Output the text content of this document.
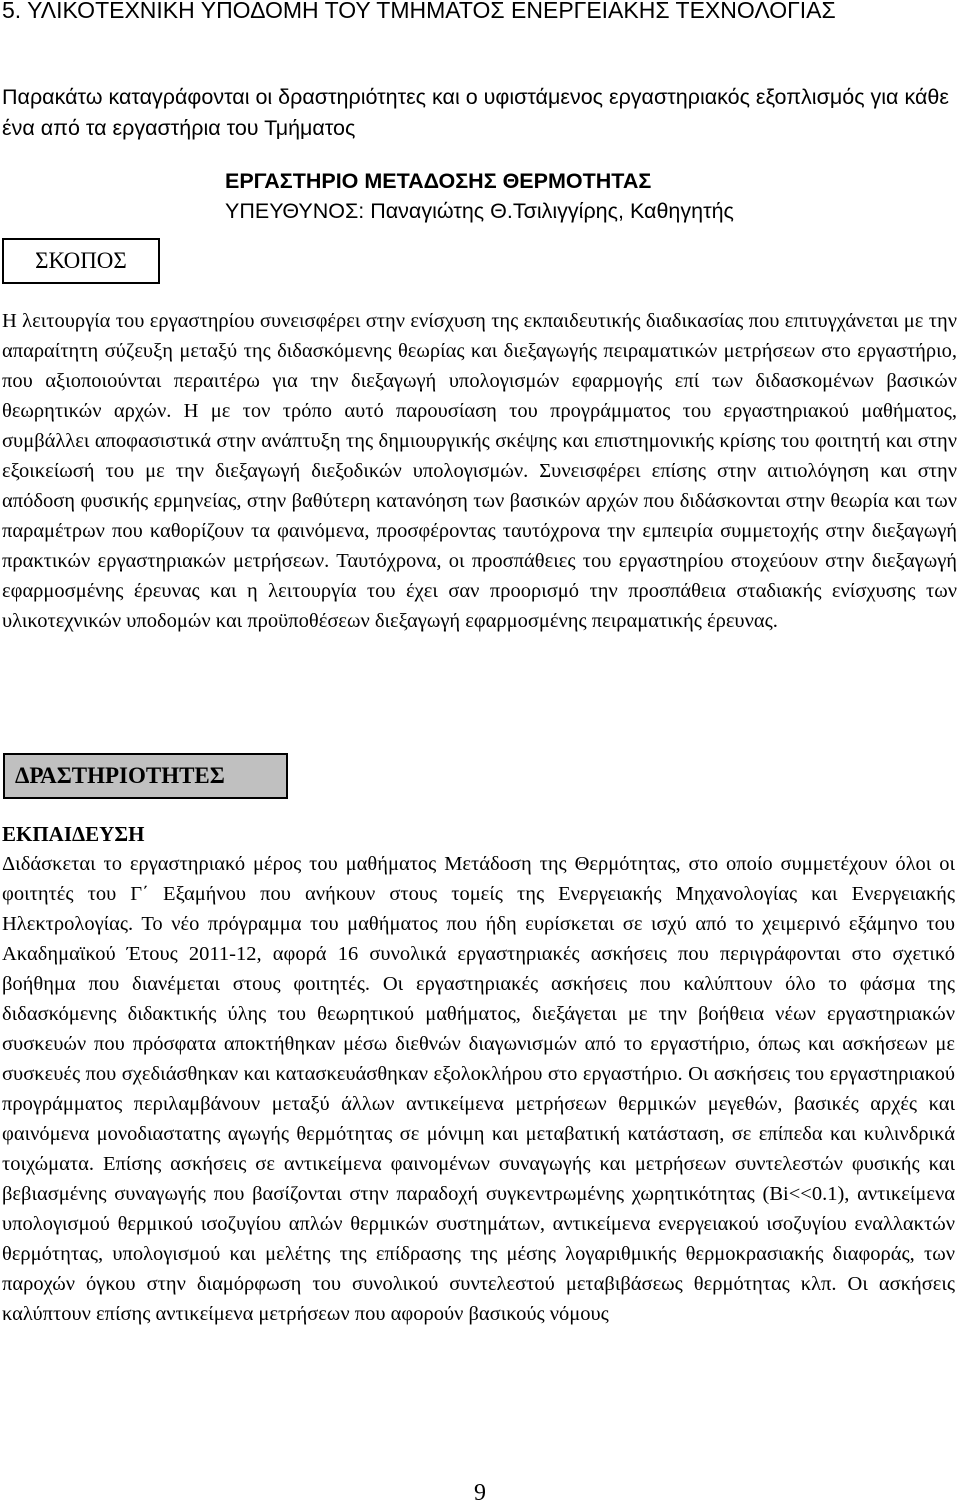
5. ΥΛΙΚΟΤΕΧΝΙΚΗ ΥΠΟΔΟΜΗ ΤΟΥ ΤΜΗΜΑΤΟΣ ΕΝΕΡΓΕΙΑΚΗΣ ΤΕΧΝΟΛΟΓΙΑΣ

Παρακάτω καταγράφονται οι δραστηριότητες και ο υφιστάμενος εργαστηριακός εξοπλισμός για κάθε ένα από τα εργαστήρια του Τμήματος

ΕΡΓΑΣΤΗΡΙΟ ΜΕΤΑΔΟΣΗΣ ΘΕΡΜΟΤΗΤΑΣ
ΥΠΕΥΘΥΝΟΣ: Παναγιώτης Θ.Τσιλιγγίρης, Καθηγητής
ΣΚΟΠΟΣ

Η λειτουργία του εργαστηρίου συνεισφέρει στην ενίσχυση της εκπαιδευτικής διαδικασίας που επιτυγχάνεται με την απαραίτητη σύζευξη μεταξύ της διδασκόμενης θεωρίας και διεξαγωγής πειραματικών μετρήσεων στο εργαστήριο, που αξιοποιούνται περαιτέρω για την διεξαγωγή υπολογισμών εφαρμογής επί των διδασκομένων βασικών θεωρητικών αρχών. Η με τον τρόπο αυτό παρουσίαση του προγράμματος του εργαστηριακού μαθήματος, συμβάλλει αποφασιστικά στην ανάπτυξη της δημιουργικής σκέψης και επιστημονικής κρίσης του φοιτητή και στην εξοικείωσή του με την διεξαγωγή διεξοδικών υπολογισμών. Συνεισφέρει επίσης στην αιτιολόγηση και στην απόδοση φυσικής ερμηνείας, στην βαθύτερη κατανόηση των βασικών αρχών που διδάσκονται στην θεωρία και των παραμέτρων που καθορίζουν τα φαινόμενα, προσφέροντας ταυτόχρονα την εμπειρία συμμετοχής στην διεξαγωγή πρακτικών εργαστηριακών μετρήσεων. Ταυτόχρονα, οι προσπάθειες του εργαστηρίου στοχεύουν στην διεξαγωγή εφαρμοσμένης έρευνας και η λειτουργία του έχει σαν προορισμό την προσπάθεια σταδιακής ενίσχυσης των υλικοτεχνικών υποδομών και προϋποθέσεων διεξαγωγή εφαρμοσμένης πειραματικής έρευνας.

ΔΡΑΣΤΗΡΙΟΤΗΤΕΣ
ΕΚΠΑΙΔΕΥΣΗ

Διδάσκεται το εργαστηριακό μέρος του μαθήματος Μετάδοση της Θερμότητας, στο οποίο συμμετέχουν όλοι οι φοιτητές του Γ΄ Εξαμήνου που ανήκουν στους τομείς της Ενεργειακής Μηχανολογίας και Ενεργειακής Ηλεκτρολογίας. Το νέο πρόγραμμα του μαθήματος που ήδη ευρίσκεται σε ισχύ από το χειμερινό εξάμηνο του Ακαδημαϊκού Έτους 2011-12, αφορά 16 συνολικά εργαστηριακές ασκήσεις που περιγράφονται στο σχετικό βοήθημα που διανέμεται στους φοιτητές. Οι εργαστηριακές ασκήσεις που καλύπτουν όλο το φάσμα της διδασκόμενης διδακτικής ύλης του θεωρητικού μαθήματος, διεξάγεται με την βοήθεια νέων εργαστηριακών συσκευών που πρόσφατα αποκτήθηκαν μέσω διεθνών διαγωνισμών από το εργαστήριο, όπως και ασκήσεων με συσκευές που σχεδιάσθηκαν και κατασκευάσθηκαν εξολοκλήρου στο εργαστήριο. Οι ασκήσεις του εργαστηριακού προγράμματος περιλαμβάνουν μεταξύ άλλων αντικείμενα μετρήσεων θερμικών μεγεθών, βασικές αρχές και φαινόμενα μονοδιαστατης αγωγής θερμότητας σε μόνιμη και μεταβατική κατάσταση, σε επίπεδα και κυλινδρικά τοιχώματα. Επίσης ασκήσεις σε αντικείμενα φαινομένων συναγωγής και μετρήσεων συντελεστών φυσικής και βεβιασμένης συναγωγής που βασίζονται στην παραδοχή συγκεντρωμένης χωρητικότητας (Bi<<0.1), αντικείμενα υπολογισμού θερμικού ισοζυγίου απλών θερμικών συστημάτων, αντικείμενα ενεργειακού ισοζυγίου εναλλακτών θερμότητας, υπολογισμού και μελέτης της επίδρασης της μέσης λογαριθμικής θερμοκρασιακής διαφοράς, των παροχών όγκου στην διαμόρφωση του συνολικού συντελεστού μεταβιβάσεως θερμότητας κλπ. Οι ασκήσεις καλύπτουν επίσης αντικείμενα μετρήσεων που αφορούν βασικούς νόμους

9
